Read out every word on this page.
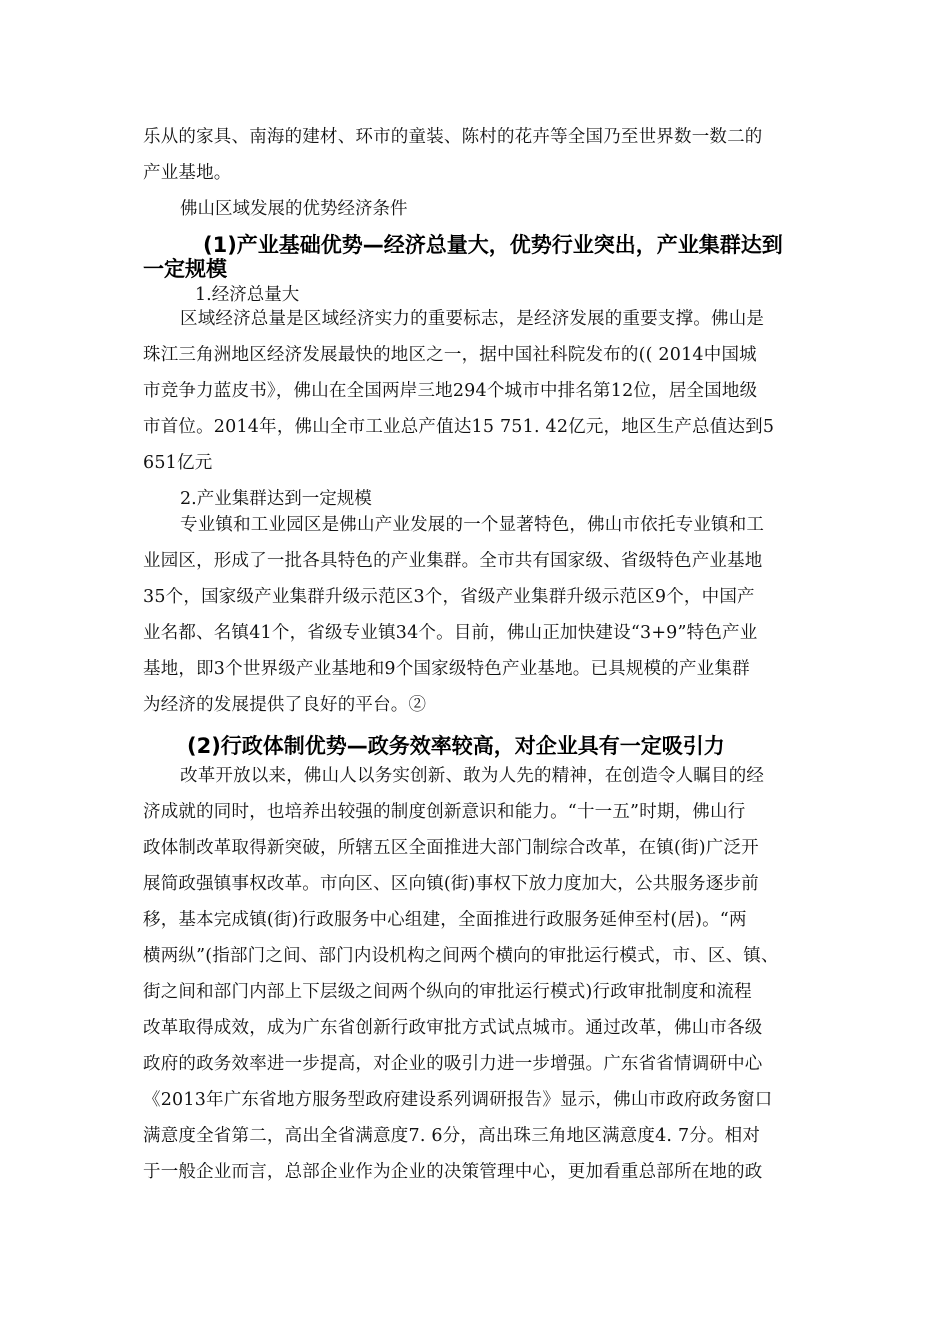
乐从的家具、南海的建材、环市的童装、陈村的花卉等全国乃至世界数一数二的
产业基地。
佛山区域发展的优势经济条件
(1)产业基础优势—经济总量大，优势行业突出，产业集群达到
一定规模
1.经济总量大
区域经济总量是区域经济实力的重要标志，是经济发展的重要支撑。佛山是
珠江三角洲地区经济发展最快的地区之一，据中国社科院发布的(( 2014中国城
市竞争力蓝皮书》，佛山在全国两岸三地294个城市中排名第12位，居全国地级
市首位。2014年，佛山全市工业总产值达15 751. 42亿元，地区生产总值达到5
651亿元
2.产业集群达到一定规模
专业镇和工业园区是佛山产业发展的一个显著特色，佛山市依托专业镇和工
业园区，形成了一批各具特色的产业集群。全市共有国家级、省级特色产业基地
35个，国家级产业集群升级示范区3个，省级产业集群升级示范区9个，中国产
业名都、名镇41个，省级专业镇34个。目前，佛山正加快建设“3+9”特色产业
基地，即3个世界级产业基地和9个国家级特色产业基地。已具规模的产业集群
为经济的发展提供了良好的平台。②
(2)行政体制优势—政务效率较高，对企业具有一定吸引力
改革开放以来，佛山人以务实创新、敢为人先的精神，在创造令人瞩目的经
济成就的同时，也培养出较强的制度创新意识和能力。“十一五”时期，佛山行
政体制改革取得新突破，所辖五区全面推进大部门制综合改革，在镇(街)广泛开
展简政强镇事权改革。市向区、区向镇(街)事权下放力度加大，公共服务逐步前
移，基本完成镇(街)行政服务中心组建，全面推进行政服务延伸至村(居)。“两
横两纵”(指部门之间、部门内设机构之间两个横向的审批运行模式，市、区、镇、
街之间和部门内部上下层级之间两个纵向的审批运行模式)行政审批制度和流程
改革取得成效，成为广东省创新行政审批方式试点城市。通过改革，佛山市各级
政府的政务效率进一步提高，对企业的吸引力进一步增强。广东省省情调研中心
《2013年广东省地方服务型政府建设系列调研报告》显示，佛山市政府政务窗口
满意度全省第二，高出全省满意度7. 6分，高出珠三角地区满意度4. 7分。相对
于一般企业而言，总部企业作为企业的决策管理中心，更加看重总部所在地的政
